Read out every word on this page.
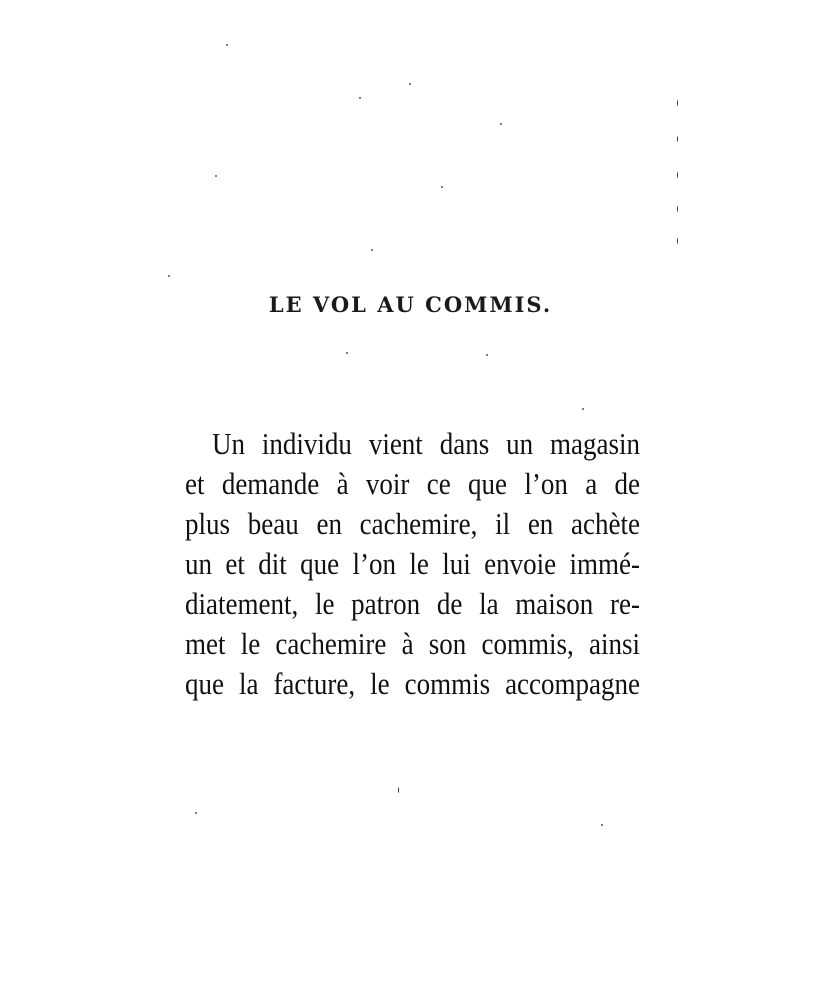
LE VOL AU COMMIS.
Un individu vient dans un magasin
et demande à voir ce que l’on a de
plus beau en cachemire, il en achète
un et dit que l’on le lui envoie immé-
diatement, le patron de la maison re-
met le cachemire à son commis, ainsi
que la facture, le commis accompagne
